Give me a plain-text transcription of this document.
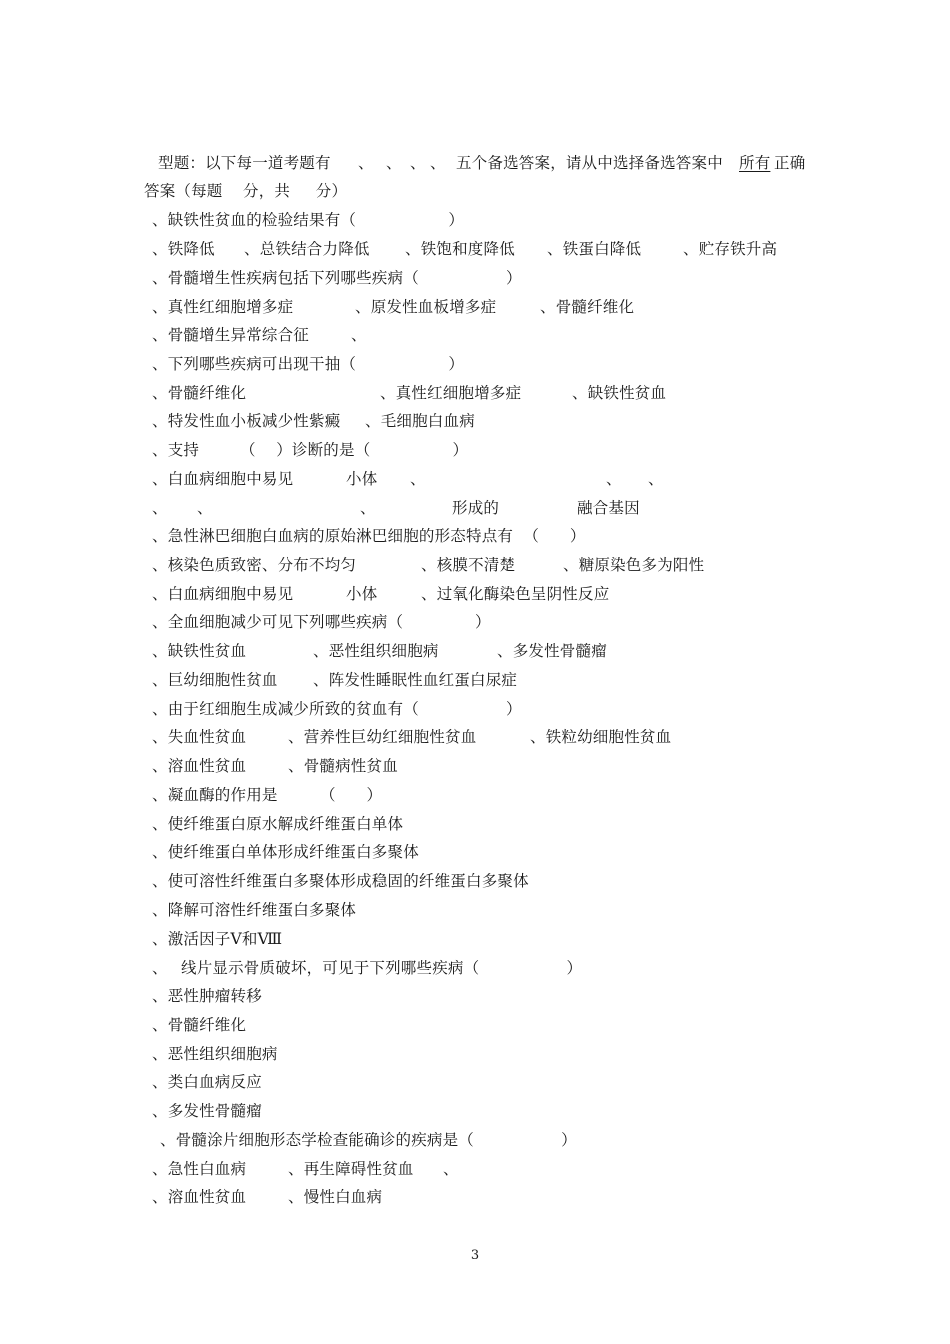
型题：以下每一道考题有

、

、

、

、

五个备选答案，请从中选择备选答案中

所有

正确

答案（每题    分，共     分）

、缺铁性贫血的检验结果有（                  ）
、铁降低 、总铁结合力降低 、铁饱和度降低 、铁蛋白降低	、贮存铁升高
、骨髓增生性疾病包括下列哪些疾病（                 ）
、真性红细胞增多症	、原发性血板增多症	、骨髓纤维化
、骨髓增生异常综合征	、
、下列哪些疾病可出现干抽（                  ）
、骨髓纤维化	、真性红细胞增多症	、缺铁性贫血
、特发性血小板减少性紫癜 、毛细胞白血病
、支持	（    ）诊断的是（                ）
、白血病细胞中易见	小体 、	、 、
、 、	、	形成的	融合基因
、急性淋巴细胞白血病的原始淋巴细胞的形态特点有  （      ）
、核染色质致密、分布不均匀	、核膜不清楚	、糖原染色多为阳性
、白血病细胞中易见	小体	、过氧化酶染色呈阴性反应
、全血细胞减少可见下列哪些疾病（              ）
、缺铁性贫血	、恶性组织细胞病	、多发性骨髓瘤
、巨幼细胞性贫血 、阵发性睡眠性血红蛋白尿症
、由于红细胞生成减少所致的贫血有（                 ）
、失血性贫血	、营养性巨幼红细胞性贫血	、铁粒幼细胞性贫血
、溶血性贫血	、骨髓病性贫血
、凝血酶的作用是	（      ）
、使纤维蛋白原水解成纤维蛋白单体
、使纤维蛋白单体形成纤维蛋白多聚体
、使可溶性纤维蛋白多聚体形成稳固的纤维蛋白多聚体
、降解可溶性纤维蛋白多聚体
、激活因子Ⅴ和Ⅷ
、 线片显示骨质破坏，可见于下列哪些疾病（                 ）
、恶性肿瘤转移
、骨髓纤维化
、恶性组织细胞病
、类白血病反应
、多发性骨髓瘤
、骨髓涂片细胞形态学检查能确诊的疾病是（                 ）
、急性白血病	、再生障碍性贫血 、
、溶血性贫血	、慢性白血病
3
